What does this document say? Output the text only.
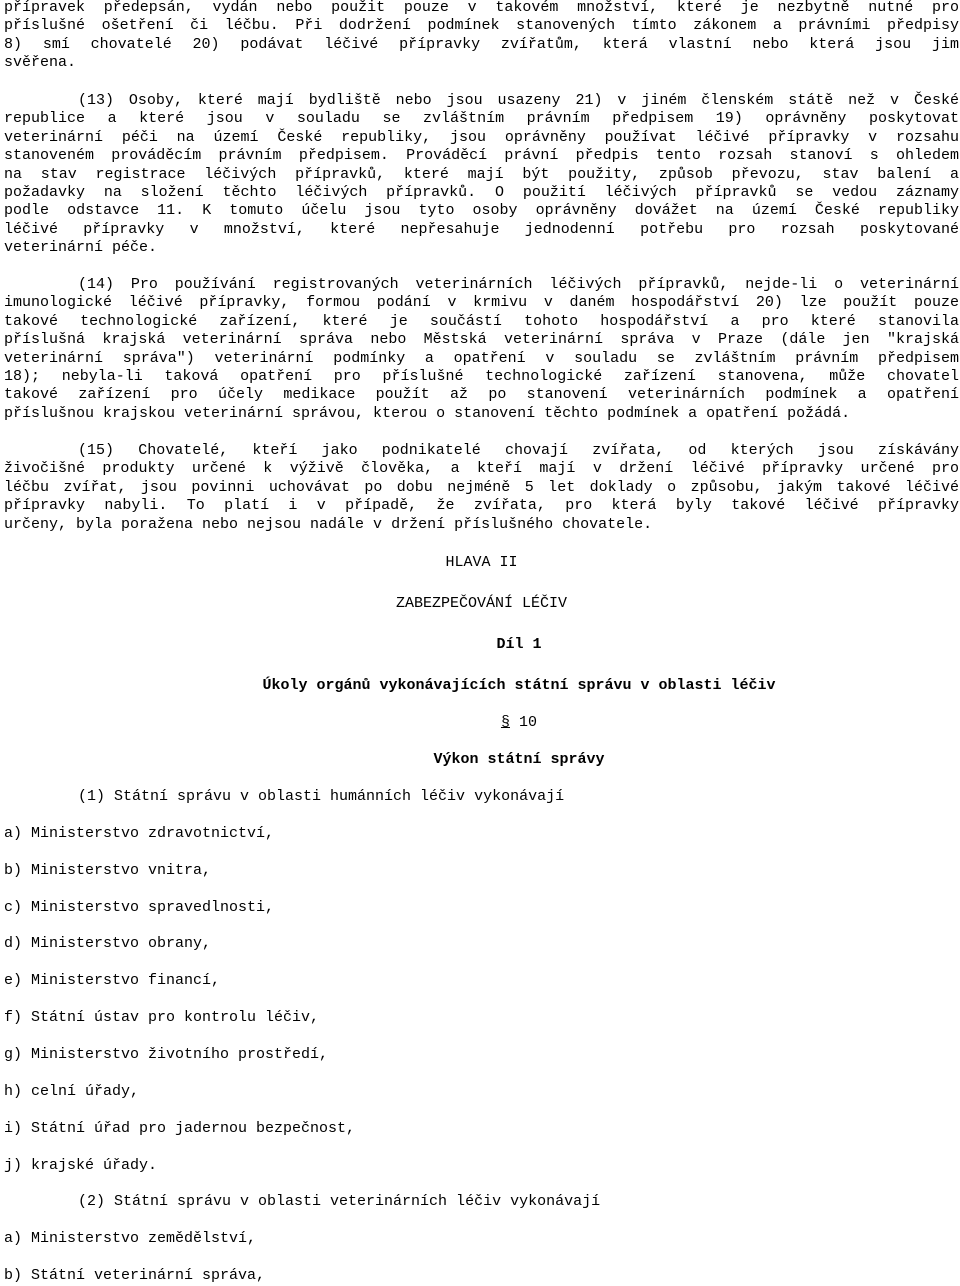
přípravek předepsán, vydán nebo použit pouze v takovém množství, které je nezbytně nutné pro
příslušné ošetření či léčbu. Při dodržení podmínek stanovených tímto zákonem a právními předpisy
8) smí chovatelé 20) podávat léčivé přípravky zvířatům, která vlastní nebo která jsou jim
svěřena.
(13) Osoby, které mají bydliště nebo jsou usazeny 21) v jiném členském státě než v České
republice a které jsou v souladu se zvláštním právním předpisem 19) oprávněny poskytovat
veterinární péči na území České republiky, jsou oprávněny používat léčivé přípravky v rozsahu
stanoveném prováděcím právním předpisem. Prováděcí právní předpis tento rozsah stanoví s ohledem
na stav registrace léčivých přípravků, které mají být použity, způsob převozu, stav balení a
požadavky na složení těchto léčivých přípravků. O použití léčivých přípravků se vedou záznamy
podle odstavce 11. K tomuto účelu jsou tyto osoby oprávněny dovážet na území České republiky
léčivé přípravky v množství, které nepřesahuje jednodenní potřebu pro rozsah poskytované
veterinární péče.
(14) Pro používání registrovaných veterinárních léčivých přípravků, nejde-li o veterinární
imunologické léčivé přípravky, formou podání v krmivu v daném hospodářství 20) lze použít pouze
takové technologické zařízení, které je součástí tohoto hospodářství a pro které stanovila
příslušná krajská veterinární správa nebo Městská veterinární správa v Praze (dále jen "krajská
veterinární správa") veterinární podmínky a opatření v souladu se zvláštním právním předpisem
18); nebyla-li taková opatření pro příslušné technologické zařízení stanovena, může chovatel
takové zařízení pro účely medikace použít až po stanovení veterinárních podmínek a opatření
příslušnou krajskou veterinární správou, kterou o stanovení těchto podmínek a opatření požádá.
(15) Chovatelé, kteří jako podnikatelé chovají zvířata, od kterých jsou získávány
živočišné produkty určené k výživě člověka, a kteří mají v držení léčivé přípravky určené pro
léčbu zvířat, jsou povinni uchovávat po dobu nejméně 5 let doklady o způsobu, jakým takové léčivé
přípravky nabyli. To platí i v případě, že zvířata, pro která byly takové léčivé přípravky
určeny, byla poražena nebo nejsou nadále v držení příslušného chovatele.
HLAVA II
ZABEZPEČOVÁNÍ LÉČIV
Díl 1
Úkoly orgánů vykonávajících státní správu v oblasti léčiv
§ 10
Výkon státní správy
(1) Státní správu v oblasti humánních léčiv vykonávají
a) Ministerstvo zdravotnictví,
b) Ministerstvo vnitra,
c) Ministerstvo spravedlnosti,
d) Ministerstvo obrany,
e) Ministerstvo financí,
f) Státní ústav pro kontrolu léčiv,
g) Ministerstvo životního prostředí,
h) celní úřady,
i) Státní úřad pro jadernou bezpečnost,
j) krajské úřady.
(2) Státní správu v oblasti veterinárních léčiv vykonávají
a) Ministerstvo zemědělství,
b) Státní veterinární správa,
